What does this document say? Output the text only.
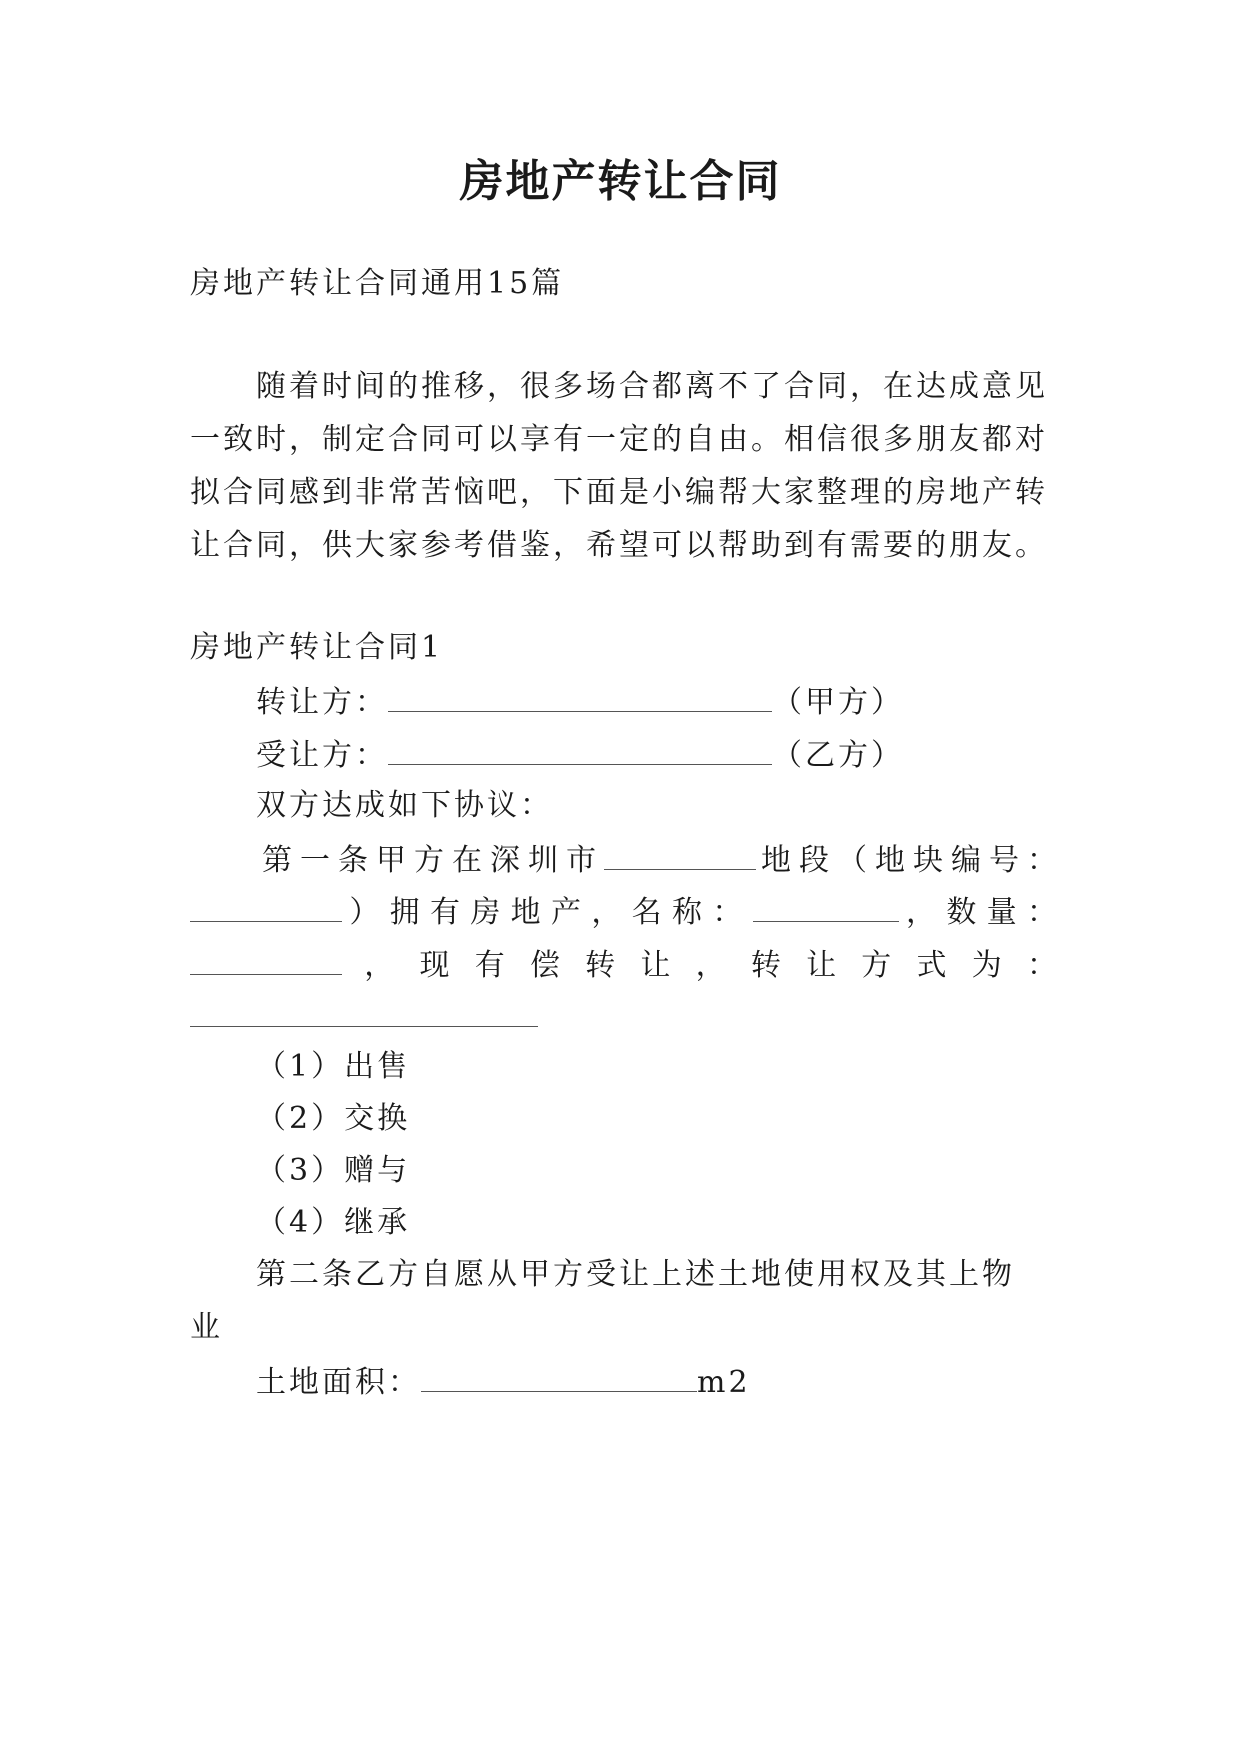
房地产转让合同
房地产转让合同通用15篇
随着时间的推移，很多场合都离不了合同，在达成意见
一致时，制定合同可以享有一定的自由。相信很多朋友都对
拟合同感到非常苦恼吧，下面是小编帮大家整理的房地产转
让合同，供大家参考借鉴，希望可以帮助到有需要的朋友。
房地产转让合同1
转让方：	（甲方）
受让方：	（乙方）
双方达成如下协议：
第一条甲方在深圳市	地段（地块编号：
）拥有房地产，名称：	，数量：
，现有偿转让，转让方式为：
（1）出售
（2）交换
（3）赠与
（4）继承
第二条乙方自愿从甲方受让上述土地使用权及其上物
业
土地面积：	m2
